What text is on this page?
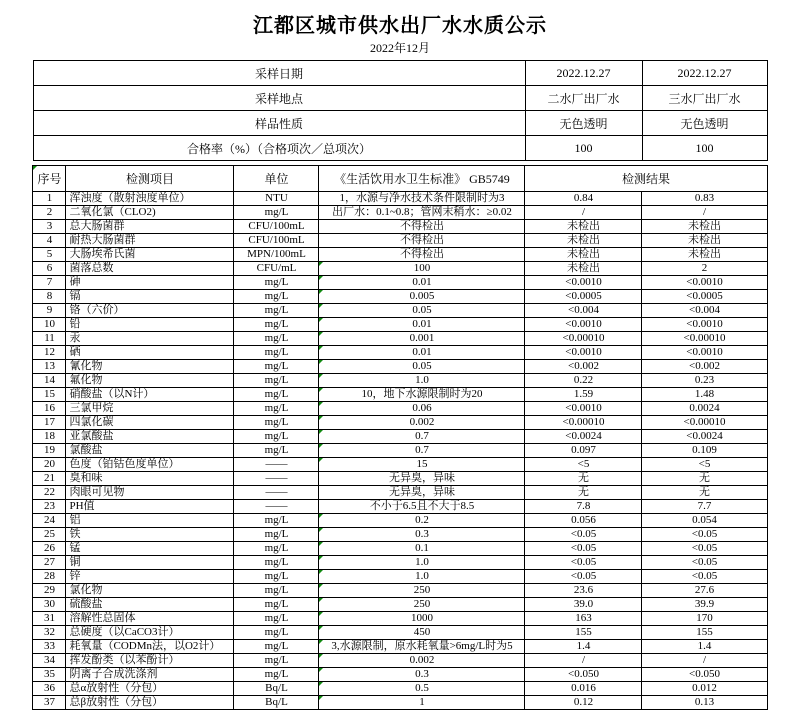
江都区城市供水出厂水水质公示
2022年12月
采样日期	2022.12.27	2022.12.27
采样地点	二水厂出厂水	三水厂出厂水
样品性质	无色透明	无色透明
合格率（%）（合格项次／总项次）	100	100
序号	检测项目	单位	《生活饮用水卫生标准》 GB5749	检测结果	
1	浑浊度（散射浊度单位）	NTU	1，水源与净水技术条件限制时为3	0.84	0.83
2	二氧化氯（CLO2)	mg/L	出厂水：0.1~0.8；管网末稍水：≥0.02	/	/
3	总大肠菌群	CFU/100mL	不得检出	未检出	未检出
4	耐热大肠菌群	CFU/100mL	不得检出	未检出	未检出
5	大肠埃希氏菌	MPN/100mL	不得检出	未检出	未检出
6	菌落总数	CFU/mL	100	未检出	2
7	砷	mg/L	0.01	<0.0010	<0.0010
8	镉	mg/L	0.005	<0.0005	<0.0005
9	铬（六价）	mg/L	0.05	<0.004	<0.004
10	铅	mg/L	0.01	<0.0010	<0.0010
11	汞	mg/L	0.001	<0.00010	<0.00010
12	硒	mg/L	0.01	<0.0010	<0.0010
13	氰化物	mg/L	0.05	<0.002	<0.002
14	氟化物	mg/L	1.0	0.22	0.23
15	硝酸盐（以N计）	mg/L	10，地下水源限制时为20	1.59	1.48
16	三氯甲烷	mg/L	0.06	<0.0010	0.0024
17	四氯化碳	mg/L	0.002	<0.00010	<0.00010
18	亚氯酸盐	mg/L	0.7	<0.0024	<0.0024
19	氯酸盐	mg/L	0.7	0.097	0.109
20	色度（铂钴色度单位）	——	15	<5	<5
21	臭和味	——	无异臭，异味	无	无
22	肉眼可见物	——	无异臭，异味	无	无
23	PH值	——	不小于6.5且不大于8.5	7.8	7.7
24	铝	mg/L	0.2	0.056	0.054
25	铁	mg/L	0.3	<0.05	<0.05
26	锰	mg/L	0.1	<0.05	<0.05
27	铜	mg/L	1.0	<0.05	<0.05
28	锌	mg/L	1.0	<0.05	<0.05
29	氯化物	mg/L	250	23.6	27.6
30	硫酸盐	mg/L	250	39.0	39.9
31	溶解性总固体	mg/L	1000	163	170
32	总硬度（以CaCO3计）	mg/L	450	155	155
33	耗氧量（CODMn法，以O2计）	mg/L	3,水源限制，原水耗氧量>6mg/L时为5	1.4	1.4
34	挥发酚类（以苯酚计）	mg/L	0.002	/	/
35	阴离子合成洗涤剂	mg/L	0.3	<0.050	<0.050
36	总α放射性（分包）	Bq/L	0.5	0.016	0.012
37	总β放射性（分包）	Bq/L	1	0.12	0.13
